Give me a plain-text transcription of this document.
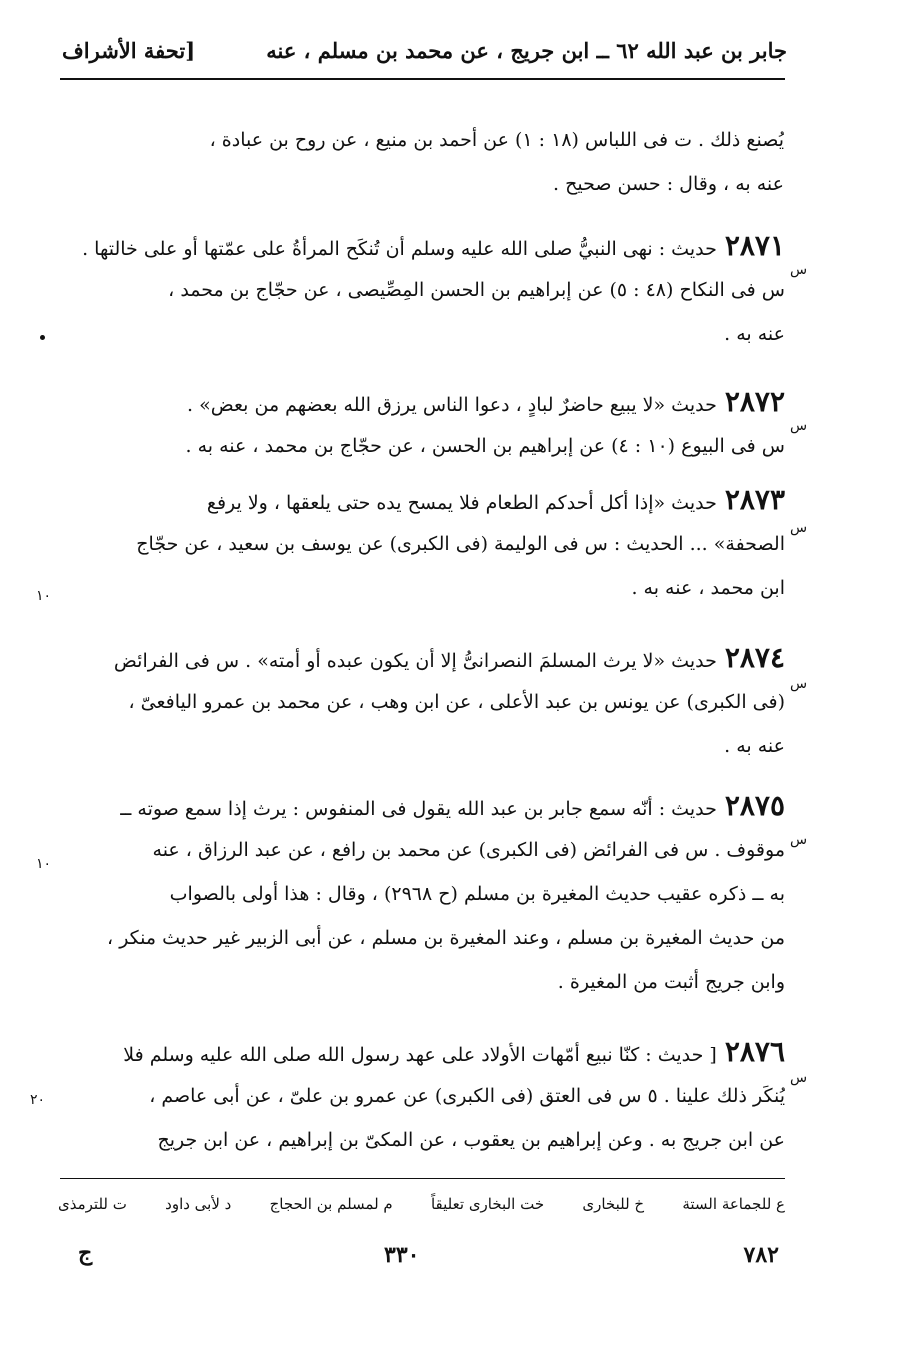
جابر بن عبد الله ٦٢ ــ ابن جريج ، عن محمد بن مسلم ، عنه
[تحفة الأشراف
يُصنع ذلك . ت فى اللباس (١٨ : ١) عن أحمد بن منيع ، عن روح بن عبادة ،
عنه به ، وقال : حسن صحيح .
٢٨٧١حديث : نهى النبيُّ صلى الله عليه وسلم أن تُنكَح المرأةُ على عمّتها أو على خالتها .
س فى النكاح (٤٨ : ٥) عن إبراهيم بن الحسن المِصِّيصى ، عن حجّاج بن محمد ،
عنه به .
س
٢٨٧٢حديث «لا يبيع حاضرٌ لبادٍ ، دعوا الناس يرزق الله بعضهم من بعض» .
س فى البيوع (١٠ : ٤) عن إبراهيم بن الحسن ، عن حجّاج بن محمد ، عنه به .
س
٢٨٧٣حديث «إذا أكل أحدكم الطعام فلا يمسح يده حتى يلعقها ، ولا يرفع
الصحفة» ... الحديث : س فى الوليمة (فى الكبرى) عن يوسف بن سعيد ، عن حجّاج
ابن محمد ، عنه به .
س
١٠
٢٨٧٤حديث «لا يرث المسلمَ النصرانىُّ إلا أن يكون عبده أو أمته» . س فى الفرائض
(فى الكبرى) عن يونس بن عبد الأعلى ، عن ابن وهب ، عن محمد بن عمرو اليافعىّ ،
عنه به .
س
٢٨٧٥حديث : أنّه سمع جابر بن عبد الله يقول فى المنفوس : يرث إذا سمع صوته ــ
موقوف . س فى الفرائض (فى الكبرى) عن محمد بن رافع ، عن عبد الرزاق ، عنه
به ــ ذكره عقيب حديث المغيرة بن مسلم (ح ٢٩٦٨) ، وقال : هذا أولى بالصواب
من حديث المغيرة بن مسلم ، وعند المغيرة بن مسلم ، عن أبى الزبير غير حديث منكر ،
وابن جريج أثبت من المغيرة .
س
١٠
٢٨٧٦[ حديث : كنّا نبيع أمّهات الأولاد على عهد رسول الله صلى الله عليه وسلم فلا
يُنكَر ذلك علينا . ٥ س فى العتق (فى الكبرى) عن عمرو بن علىّ ، عن أبى عاصم ،
عن ابن جريج به . وعن إبراهيم بن يعقوب ، عن المكىّ بن إبراهيم ، عن ابن جريج
س
٢٠
ع للجماعة الستة
خ للبخارى
خت البخارى تعليقاً
م لمسلم بن الحجاج
د لأبى داود
ت للترمذى
٧٨٢
٣٣٠
ج
